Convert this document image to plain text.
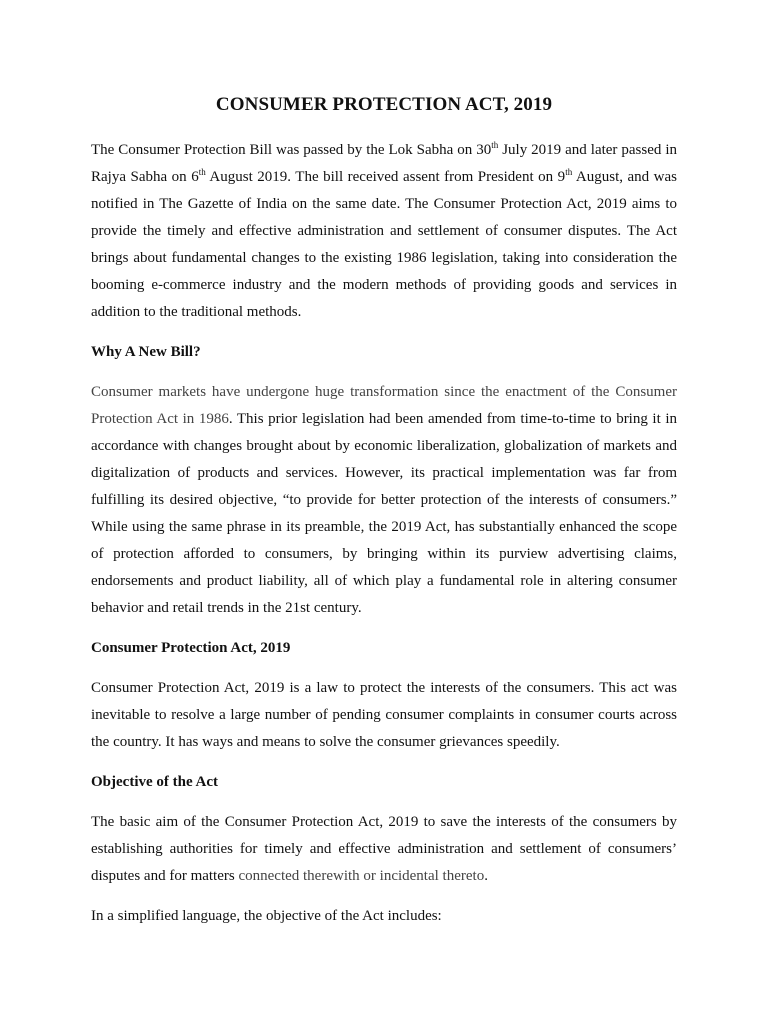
CONSUMER PROTECTION ACT, 2019

The Consumer Protection Bill was passed by the Lok Sabha on 30th July 2019 and later passed in Rajya Sabha on 6th August 2019. The bill received assent from President on 9th August, and was notified in The Gazette of India on the same date. The Consumer Protection Act, 2019 aims to provide the timely and effective administration and settlement of consumer disputes. The Act brings about fundamental changes to the existing 1986 legislation, taking into consideration the booming e-commerce industry and the modern methods of providing goods and services in addition to the traditional methods.

Why A New Bill?

Consumer markets have undergone huge transformation since the enactment of the Consumer Protection Act in 1986. This prior legislation had been amended from time-to-time to bring it in accordance with changes brought about by economic liberalization, globalization of markets and digitalization of products and services. However, its practical implementation was far from fulfilling its desired objective, “to provide for better protection of the interests of consumers.” While using the same phrase in its preamble, the 2019 Act, has substantially enhanced the scope of protection afforded to consumers, by bringing within its purview advertising claims, endorsements and product liability, all of which play a fundamental role in altering consumer behavior and retail trends in the 21st century.

Consumer Protection Act, 2019

Consumer Protection Act, 2019 is a law to protect the interests of the consumers. This act was inevitable to resolve a large number of pending consumer complaints in consumer courts across the country. It has ways and means to solve the consumer grievances speedily.

Objective of the Act

The basic aim of the Consumer Protection Act, 2019 to save the interests of the consumers by establishing authorities for timely and effective administration and settlement of consumers’ disputes and for matters connected therewith or incidental thereto.

In a simplified language, the objective of the Act includes:
